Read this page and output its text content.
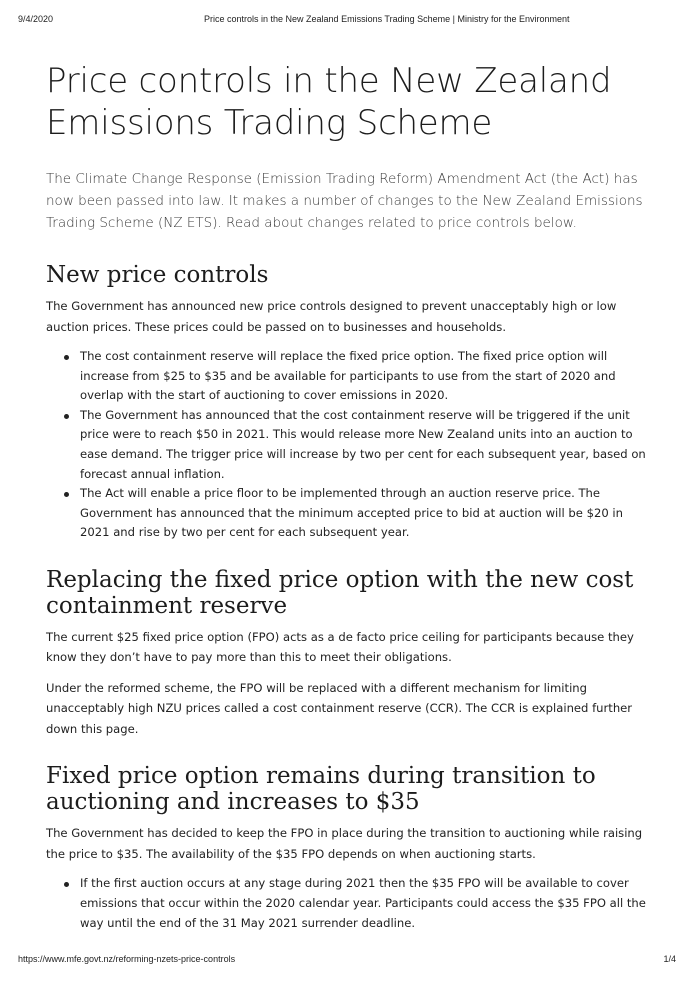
9/4/2020	Price controls in the New Zealand Emissions Trading Scheme | Ministry for the Environment
Price controls in the New Zealand Emissions Trading Scheme

The Climate Change Response (Emission Trading Reform) Amendment Act (the Act) has now been passed into law. It makes a number of changes to the New Zealand Emissions Trading Scheme (NZ ETS). Read about changes related to price controls below.

New price controls

The Government has announced new price controls designed to prevent unacceptably high or low auction prices. These prices could be passed on to businesses and households.

The cost containment reserve will replace the fixed price option. The fixed price option will increase from $25 to $35 and be available for participants to use from the start of 2020 and overlap with the start of auctioning to cover emissions in 2020.
The Government has announced that the cost containment reserve will be triggered if the unit price were to reach $50 in 2021. This would release more New Zealand units into an auction to ease demand. The trigger price will increase by two per cent for each subsequent year, based on forecast annual inflation.
The Act will enable a price floor to be implemented through an auction reserve price. The Government has announced that the minimum accepted price to bid at auction will be $20 in 2021 and rise by two per cent for each subsequent year.
Replacing the fixed price option with the new cost containment reserve

The current $25 fixed price option (FPO) acts as a de facto price ceiling for participants because they know they don’t have to pay more than this to meet their obligations.

Under the reformed scheme, the FPO will be replaced with a different mechanism for limiting unacceptably high NZU prices called a cost containment reserve (CCR). The CCR is explained further down this page.

Fixed price option remains during transition to auctioning and increases to $35

The Government has decided to keep the FPO in place during the transition to auctioning while raising the price to $35. The availability of the $35 FPO depends on when auctioning starts.

If the first auction occurs at any stage during 2021 then the $35 FPO will be available to cover emissions that occur within the 2020 calendar year. Participants could access the $35 FPO all the way until the end of the 31 May 2021 surrender deadline.
https://www.mfe.govt.nz/reforming-nzets-price-controls	1/4
